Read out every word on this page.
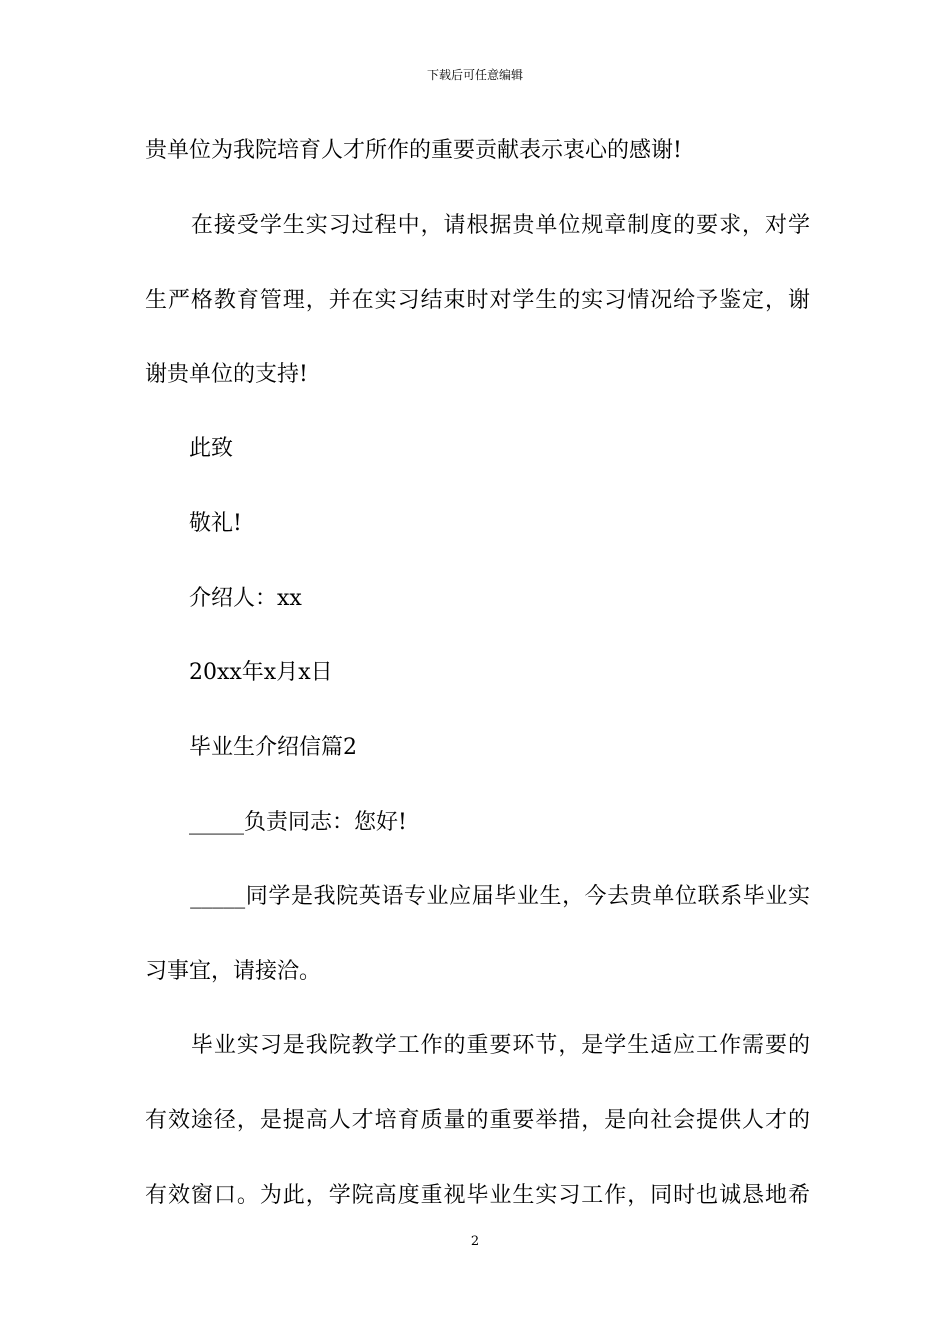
下载后可任意编辑
贵单位为我院培育人才所作的重要贡献表示衷心的感谢!
　　在接受学生实习过程中，请根据贵单位规章制度的要求，对学
生严格教育管理，并在实习结束时对学生的实习情况给予鉴定，谢
谢贵单位的支持!
　　此致
　　敬礼!
　　介绍人：xx
　　20xx年x月x日
　　毕业生介绍信篇2
　　_____负责同志：您好!
　　_____同学是我院英语专业应届毕业生，今去贵单位联系毕业实
习事宜，请接洽。
　　毕业实习是我院教学工作的重要环节，是学生适应工作需要的
有效途径，是提高人才培育质量的重要举措，是向社会提供人才的
有效窗口。为此，学院高度重视毕业生实习工作，同时也诚恳地希
2
